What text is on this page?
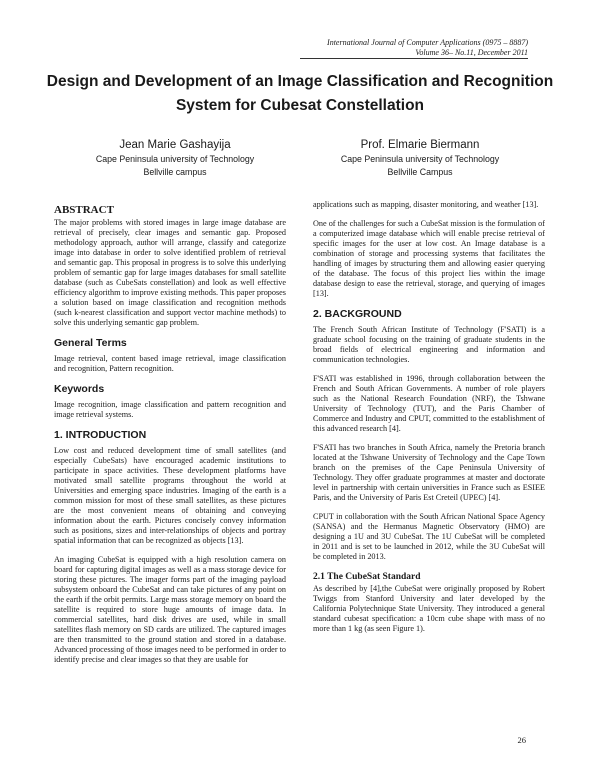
International Journal of Computer Applications (0975 – 8887)
Volume 36– No.11, December 2011
Design and Development of an Image Classification and Recognition System for Cubesat Constellation
Jean Marie Gashayija
Cape Peninsula university of Technology
Bellville campus
Prof. Elmarie Biermann
Cape Peninsula university of Technology
Bellville Campus
ABSTRACT

The major problems with stored images in large image database are retrieval of precisely, clear images and semantic gap. Proposed methodology approach, author will arrange, classify and categorize image into database in order to solve identified problem of retrieval and semantic gap. This proposal in progress is to solve this underlying problem of semantic gap for large images databases for small satellite database (such as CubeSats constellation) and look as well effective efficiency algorithm to improve existing methods. This paper proposes a solution based on image classification and recognition methods (such k-nearest classification and support vector machine methods) to solve this underlying semantic gap problem.

General Terms

Image retrieval, content based image retrieval, image classification and recognition, Pattern recognition.

Keywords

Image recognition, image classification and pattern recognition and image retrieval systems.

1. INTRODUCTION

Low cost and reduced development time of small satellites (and especially CubeSats) have encouraged academic institutions to participate in space activities. These development platforms have motivated small satellite programs throughout the world at Universities and emerging space industries. Imaging of the earth is a common mission for most of these small satellites, as these pictures are the most convenient means of obtaining and conveying information about the earth. Pictures concisely convey information such as positions, sizes and inter-relationships of objects and portray spatial information that can be recognized as objects [13].

An imaging CubeSat is equipped with a high resolution camera on board for capturing digital images as well as a mass storage device for storing these pictures. The imager forms part of the imaging payload subsystem onboard the CubeSat and can take pictures of any point on the earth if the orbit permits. Large mass storage memory on board the satellite is required to store huge amounts of image data. In commercial satellites, hard disk drives are used, while in small satellites flash memory on SD cards are utilized. The captured images are then transmitted to the ground station and stored in a database. Advanced processing of those images need to be performed in order to identify precise and clear images so that they are usable for

applications such as mapping, disaster monitoring, and weather [13].

One of the challenges for such a CubeSat mission is the formulation of a computerized image database which will enable precise retrieval of specific images for the user at low cost. An Image database is a combination of storage and processing systems that facilitates the handling of images by structuring them and allowing easier querying of the database. The focus of this project lies within the image database design to ease the retrieval, storage, and querying of images [13].

2. BACKGROUND

The French South African Institute of Technology (F'SATI) is a graduate school focusing on the training of graduate students in the broad fields of electrical engineering and information and communication technologies.

F'SATI was established in 1996, through collaboration between the French and South African Governments. A number of role players such as the National Research Foundation (NRF), the Tshwane University of Technology (TUT), and the Paris Chamber of Commerce and Industry and CPUT, committed to the establishment of this advanced research [4].

F'SATI has two branches in South Africa, namely the Pretoria branch located at the Tshwane University of Technology and the Cape Town branch on the premises of the Cape Peninsula University of Technology. They offer graduate programmes at master and doctorate level in partnership with certain universities in France such as ESIEE Paris, and the University of Paris Est Creteil (UPEC) [4].

CPUT in collaboration with the South African National Space Agency (SANSA) and the Hermanus Magnetic Observatory (HMO) are designing a 1U and 3U CubeSat. The 1U CubeSat will be completed in 2011 and is set to be launched in 2012, while the 3U CubeSat will be completed in 2013.

2.1 The CubeSat Standard

As described by [4],the CubeSat were originally proposed by Robert Twiggs from Stanford University and later developed by the California Polytechnique State University. They introduced a general standard cubesat specification: a 10cm cube shape with mass of no more than 1 kg (as seen Figure 1).

26
